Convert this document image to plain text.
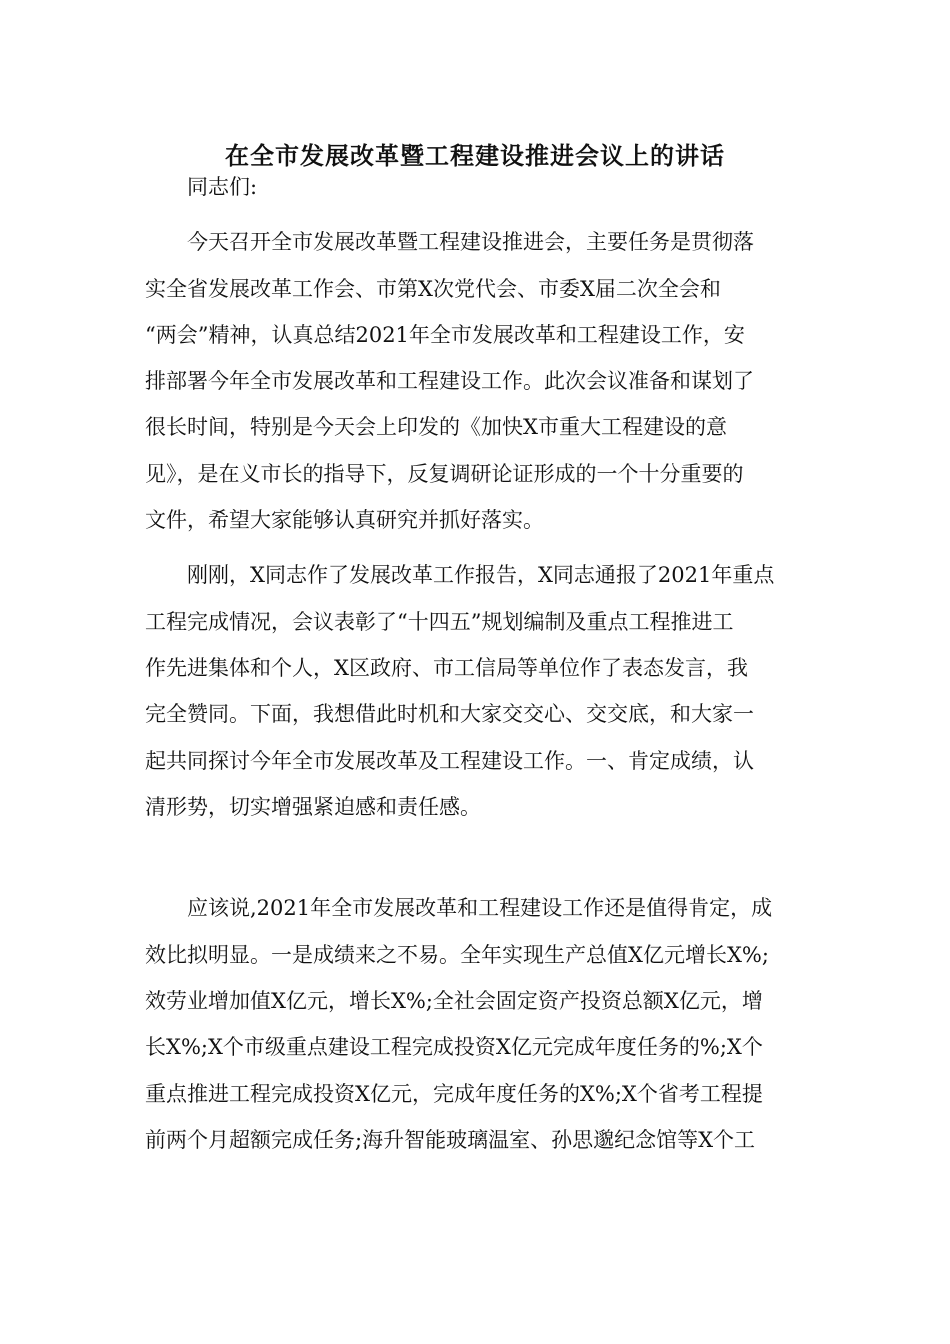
在全市发展改革暨工程建设推进会议上的讲话

同志们:

　　今天召开全市发展改革暨工程建设推进会，主要任务是贯彻落
实全省发展改革工作会、市第X次党代会、市委X届二次全会和
“两会”精神，认真总结2021年全市发展改革和工程建设工作，安
排部署今年全市发展改革和工程建设工作。此次会议准备和谋划了
很长时间，特别是今天会上印发的《加快X市重大工程建设的意
见》，是在义市长的指导下，反复调研论证形成的一个十分重要的
文件，希望大家能够认真研究并抓好落实。

　　刚刚，X同志作了发展改革工作报告，X同志通报了2021年重点
工程完成情况，会议表彰了“十四五”规划编制及重点工程推进工
作先进集体和个人，X区政府、市工信局等单位作了表态发言，我
完全赞同。下面，我想借此时机和大家交交心、交交底，和大家一
起共同探讨今年全市发展改革及工程建设工作。一、肯定成绩，认
清形势，切实增强紧迫感和责任感。

　　应该说,2021年全市发展改革和工程建设工作还是值得肯定，成
效比拟明显。一是成绩来之不易。全年实现生产总值X亿元增长X%;
效劳业增加值X亿元，增长X%;全社会固定资产投资总额X亿元，增
长X%;X个市级重点建设工程完成投资X亿元完成年度任务的%;X个
重点推进工程完成投资X亿元，完成年度任务的X%;X个省考工程提
前两个月超额完成任务;海升智能玻璃温室、孙思邈纪念馆等X个工
